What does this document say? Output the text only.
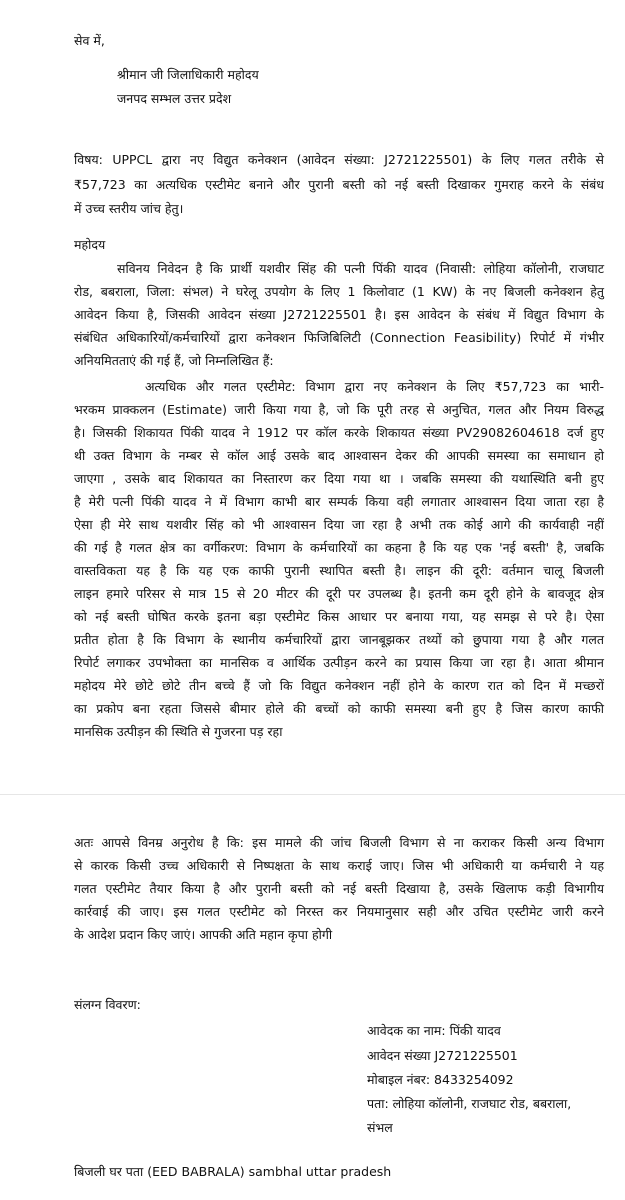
सेव में,
श्रीमान जी जिलाधिकारी महोदय
जनपद सम्भल उत्तर प्रदेश
विषय: UPPCL द्वारा नए विद्युत कनेक्शन (आवेदन संख्या: J2721225501) के लिए गलत तरीके से
₹57,723 का अत्यधिक एस्टीमेट बनाने और पुरानी बस्ती को नई बस्ती दिखाकर गुमराह करने के संबंध
में उच्च स्तरीय जांच हेतु।
महोदय
सविनय निवेदन है कि प्रार्थी यशवीर सिंह की पत्नी पिंकी यादव (निवासी: लोहिया कॉलोनी, राजघाट
रोड, बबराला, जिला: संभल) ने घरेलू उपयोग के लिए 1 किलोवाट (1 KW) के नए बिजली कनेक्शन हेतु
आवेदन किया है, जिसकी आवेदन संख्या J2721225501 है। इस आवेदन के संबंध में विद्युत विभाग के
संबंधित अधिकारियों/कर्मचारियों द्वारा कनेक्शन फिजिबिलिटी (Connection Feasibility) रिपोर्ट में गंभीर
अनियमितताएं की गई हैं, जो निम्नलिखित हैं:
अत्यधिक और गलत एस्टीमेट: विभाग द्वारा नए कनेक्शन के लिए ₹57,723 का भारी-
भरकम प्राक्कलन (Estimate) जारी किया गया है, जो कि पूरी तरह से अनुचित, गलत और नियम विरुद्ध
है। जिसकी शिकायत पिंकी यादव ने 1912 पर कॉल करके शिकायत संख्या PV29082604618 दर्ज हुए
थी उक्त विभाग के नम्बर से कॉल आई उसके बाद आश्वासन देकर की आपकी समस्या का समाधान हो
जाएगा , उसके बाद शिकायत का निस्तारण कर दिया गया था । जबकि समस्या की यथास्थिति बनी हुए
है मेरी पत्नी पिंकी यादव ने में विभाग काभी बार सम्पर्क किया वही लगातार आश्वासन दिया जाता रहा है
ऐसा ही मेरे साथ यशवीर सिंह को भी आश्वासन दिया जा रहा है अभी तक कोई आगे की कार्यवाही नहीं
की गई है गलत क्षेत्र का वर्गीकरण: विभाग के कर्मचारियों का कहना है कि यह एक 'नई बस्ती' है, जबकि
वास्तविकता यह है कि यह एक काफी पुरानी स्थापित बस्ती है। लाइन की दूरी: वर्तमान चालू बिजली
लाइन हमारे परिसर से मात्र 15 से 20 मीटर की दूरी पर उपलब्ध है। इतनी कम दूरी होने के बावजूद क्षेत्र
को नई बस्ती घोषित करके इतना बड़ा एस्टीमेट किस आधार पर बनाया गया, यह समझ से परे है। ऐसा
प्रतीत होता है कि विभाग के स्थानीय कर्मचारियों द्वारा जानबूझकर तथ्यों को छुपाया गया है और गलत
रिपोर्ट लगाकर उपभोक्ता का मानसिक व आर्थिक उत्पीड़न करने का प्रयास किया जा रहा है। आता श्रीमान
महोदय मेरे छोटे छोटे तीन बच्चे हैं जो कि विद्युत कनेक्शन नहीं होने के कारण रात को दिन में मच्छरों
का प्रकोप बना रहता जिससे बीमार होले की बच्चों को काफी समस्या बनी हुए है जिस कारण काफी
मानसिक उत्पीड़न की स्थिति से गुजरना पड़ रहा
अतः आपसे विनम्र अनुरोध है कि: इस मामले की जांच बिजली विभाग से ना कराकर किसी अन्य विभाग
से कारक किसी उच्च अधिकारी से निष्पक्षता के साथ कराई जाए। जिस भी अधिकारी या कर्मचारी ने यह
गलत एस्टीमेट तैयार किया है और पुरानी बस्ती को नई बस्ती दिखाया है, उसके खिलाफ कड़ी विभागीय
कार्रवाई की जाए। इस गलत एस्टीमेट को निरस्त कर नियमानुसार सही और उचित एस्टीमेट जारी करने
के आदेश प्रदान किए जाएं। आपकी अति महान कृपा होगी
संलग्न विवरण:
आवेदक का नाम: पिंकी यादव
आवेदन संख्या J2721225501
मोबाइल नंबर: 8433254092
पता: लोहिया कॉलोनी, राजघाट रोड, बबराला,
संभल
बिजली घर पता (EED BABRALA) sambhal uttar pradesh
